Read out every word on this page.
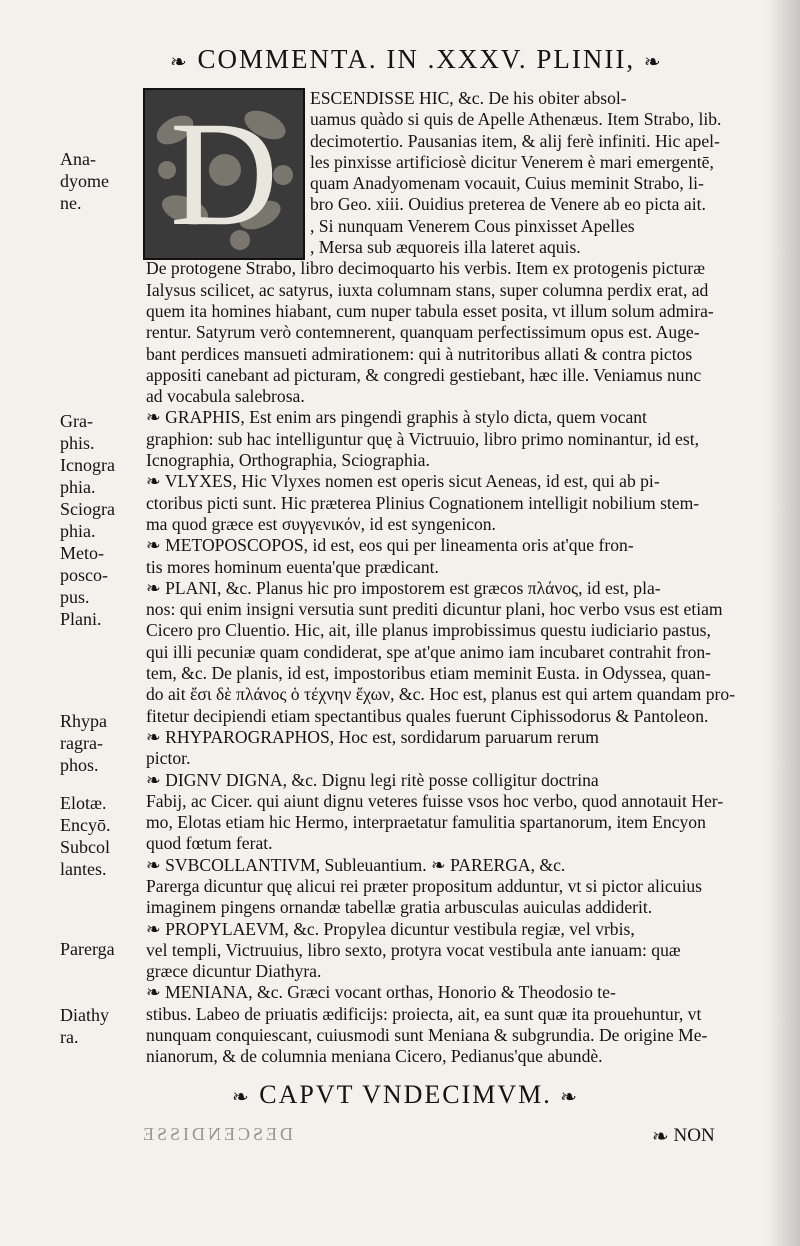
❧ COMMENTA. IN .XXXV. PLINII, ❧
D
Ana-
dyome
ne.
Gra-
phis.
Icnogra
phia.
Sciogra
phia.
Meto-
posco-
pus.
Plani.
Rhypa
ragra-
phos.
Elotæ.
Encyō.
Subcol
lantes.
Parerga
Diathy
ra.
ESCENDISSE HIC, &c. De his obiter absol-
uamus quàdo si quis de Apelle Athenæus. Item Strabo, lib.
decimotertio. Pausanias item, & alij ferè infiniti. Hic apel-
les pinxisse artificiosè dicitur Venerem è mari emergentē,
quam Anadyomenam vocauit, Cuius meminit Strabo, li-
bro Geo. xiii. Ouidius preterea de Venere ab eo picta ait.
, Si nunquam Venerem Cous pinxisset Apelles
, Mersa sub æquoreis illa lateret aquis.
De protogene Strabo, libro decimoquarto his verbis. Item ex protogenis picturæ
Ialysus scilicet, ac satyrus, iuxta columnam stans, super columna perdix erat, ad
quem ita homines hiabant, cum nuper tabula esset posita, vt illum solum admira-
rentur. Satyrum verò contemnerent, quanquam perfectissimum opus est. Auge-
bant perdices mansueti admirationem: qui à nutritoribus allati & contra pictos
appositi canebant ad picturam, & congredi gestiebant, hæc ille. Veniamus nunc
ad vocabula salebrosa.
❧ GRAPHIS, Est enim ars pingendi graphis à stylo dicta, quem vocant
graphion: sub hac intelliguntur quę à Victruuio, libro primo nominantur, id est,
Icnographia, Orthographia, Sciographia.
❧ VLYXES, Hic Vlyxes nomen est operis sicut Aeneas, id est, qui ab pi-
ctoribus picti sunt. Hic præterea Plinius Cognationem intelligit nobilium stem-
ma quod græce est συγγενικόν, id est syngenicon.
❧ METOPOSCOPOS, id est, eos qui per lineamenta oris at'que fron-
tis mores hominum euenta'que prædicant.
❧ PLANI, &c. Planus hic pro impostorem est græcos πλάνος, id est, pla-
nos: qui enim insigni versutia sunt prediti dicuntur plani, hoc verbo vsus est etiam
Cicero pro Cluentio. Hic, ait, ille planus improbissimus questu iudiciario pastus,
qui illi pecuniæ quam condiderat, spe at'que animo iam incubaret contrahit fron-
tem, &c. De planis, id est, impostoribus etiam meminit Eusta. in Odyssea, quan-
do ait ἔσι δὲ πλάνος ὁ τέχνην ἔχων, &c. Hoc est, planus est qui artem quandam pro-
fitetur decipiendi etiam spectantibus quales fuerunt Ciphissodorus & Pantoleon.
❧ RHYPAROGRAPHOS, Hoc est, sordidarum paruarum rerum
pictor.
❧ DIGNV DIGNA, &c. Dignu legi ritè posse colligitur doctrina
Fabij, ac Cicer. qui aiunt dignu veteres fuisse vsos hoc verbo, quod annotauit Her-
mo, Elotas etiam hic Hermo, interpraetatur famulitia spartanorum, item Encyon
quod fœtum ferat.
❧ SVBCOLLANTIVM, Subleuantium. ❧ PARERGA, &c.
Parerga dicuntur quę alicui rei præter propositum adduntur, vt si pictor alicuius
imaginem pingens ornandæ tabellæ gratia arbusculas auiculas addiderit.
❧ PROPYLAEVM, &c. Propylea dicuntur vestibula regiæ, vel vrbis,
vel templi, Victruuius, libro sexto, protyra vocat vestibula ante ianuam: quæ
græce dicuntur Diathyra.
❧ MENIANA, &c. Græci vocant orthas, Honorio & Theodosio te-
stibus. Labeo de priuatis ædificijs: proiecta, ait, ea sunt quæ ita prouehuntur, vt
nunquam conquiescant, cuiusmodi sunt Meniana & subgrundia. De origine Me-
nianorum, & de columnia meniana Cicero, Pedianus'que abundè.
❧ CAPVT VNDECIMVM. ❧
DESCENDISSE	❧ NON
